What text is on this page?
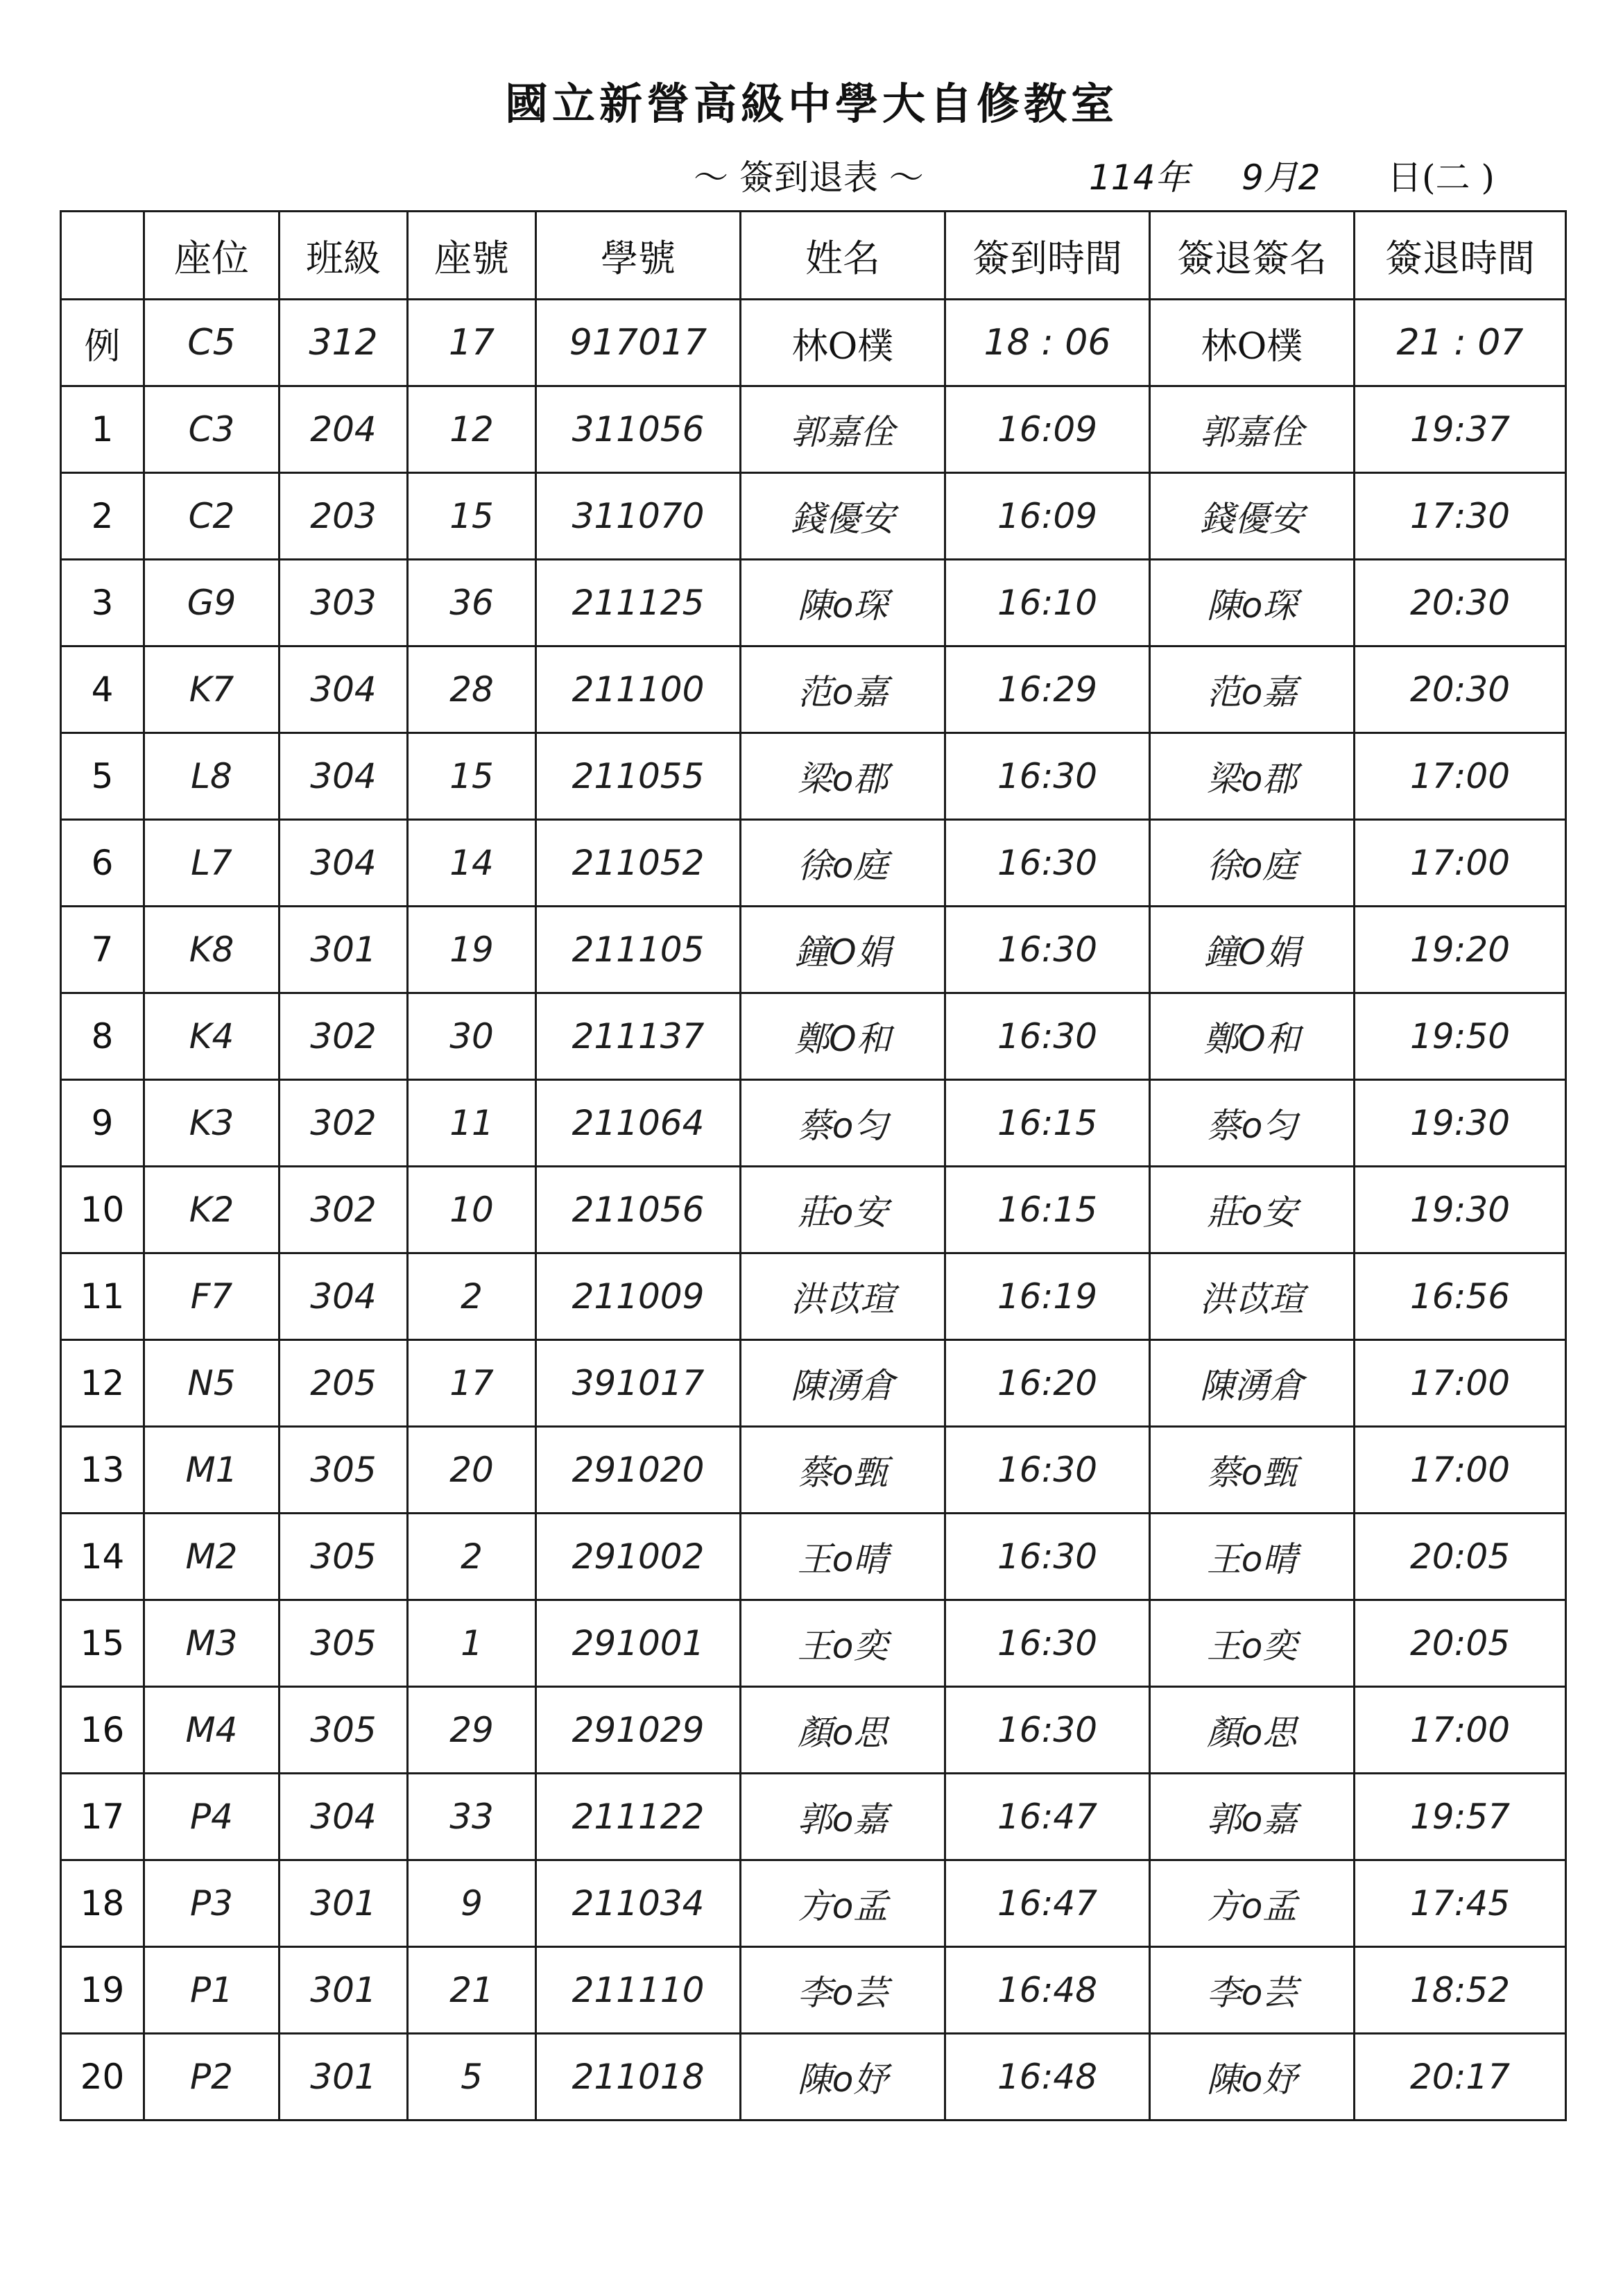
國立新營高級中學大自修教室
～ 簽到退表 ～	114年 9月2 日(二 )
	座位	班級	座號	學號	姓名	簽到時間	簽退簽名	簽退時間
例	C5	312	17	917017	林O樸	18 : 06	林O樸	21 : 07
1	C3	204	12	311056	郭嘉佺	16:09	郭嘉佺	19:37
2	C2	203	15	311070	錢優安	16:09	錢優安	17:30
3	G9	303	36	211125	陳o琛	16:10	陳o琛	20:30
4	K7	304	28	211100	范o嘉	16:29	范o嘉	20:30
5	L8	304	15	211055	梁o郡	16:30	梁o郡	17:00
6	L7	304	14	211052	徐o庭	16:30	徐o庭	17:00
7	K8	301	19	211105	鐘O娟	16:30	鐘O娟	19:20
8	K4	302	30	211137	鄭O和	16:30	鄭O和	19:50
9	K3	302	11	211064	蔡o匀	16:15	蔡o匀	19:30
10	K2	302	10	211056	莊o安	16:15	莊o安	19:30
11	F7	304	2	211009	洪苡瑄	16:19	洪苡瑄	16:56
12	N5	205	17	391017	陳湧倉	16:20	陳湧倉	17:00
13	M1	305	20	291020	蔡o甄	16:30	蔡o甄	17:00
14	M2	305	2	291002	王o晴	16:30	王o晴	20:05
15	M3	305	1	291001	王o奕	16:30	王o奕	20:05
16	M4	305	29	291029	顏o思	16:30	顏o思	17:00
17	P4	304	33	211122	郭o嘉	16:47	郭o嘉	19:57
18	P3	301	9	211034	方o孟	16:47	方o孟	17:45
19	P1	301	21	211110	李o芸	16:48	李o芸	18:52
20	P2	301	5	211018	陳o妤	16:48	陳o妤	20:17
